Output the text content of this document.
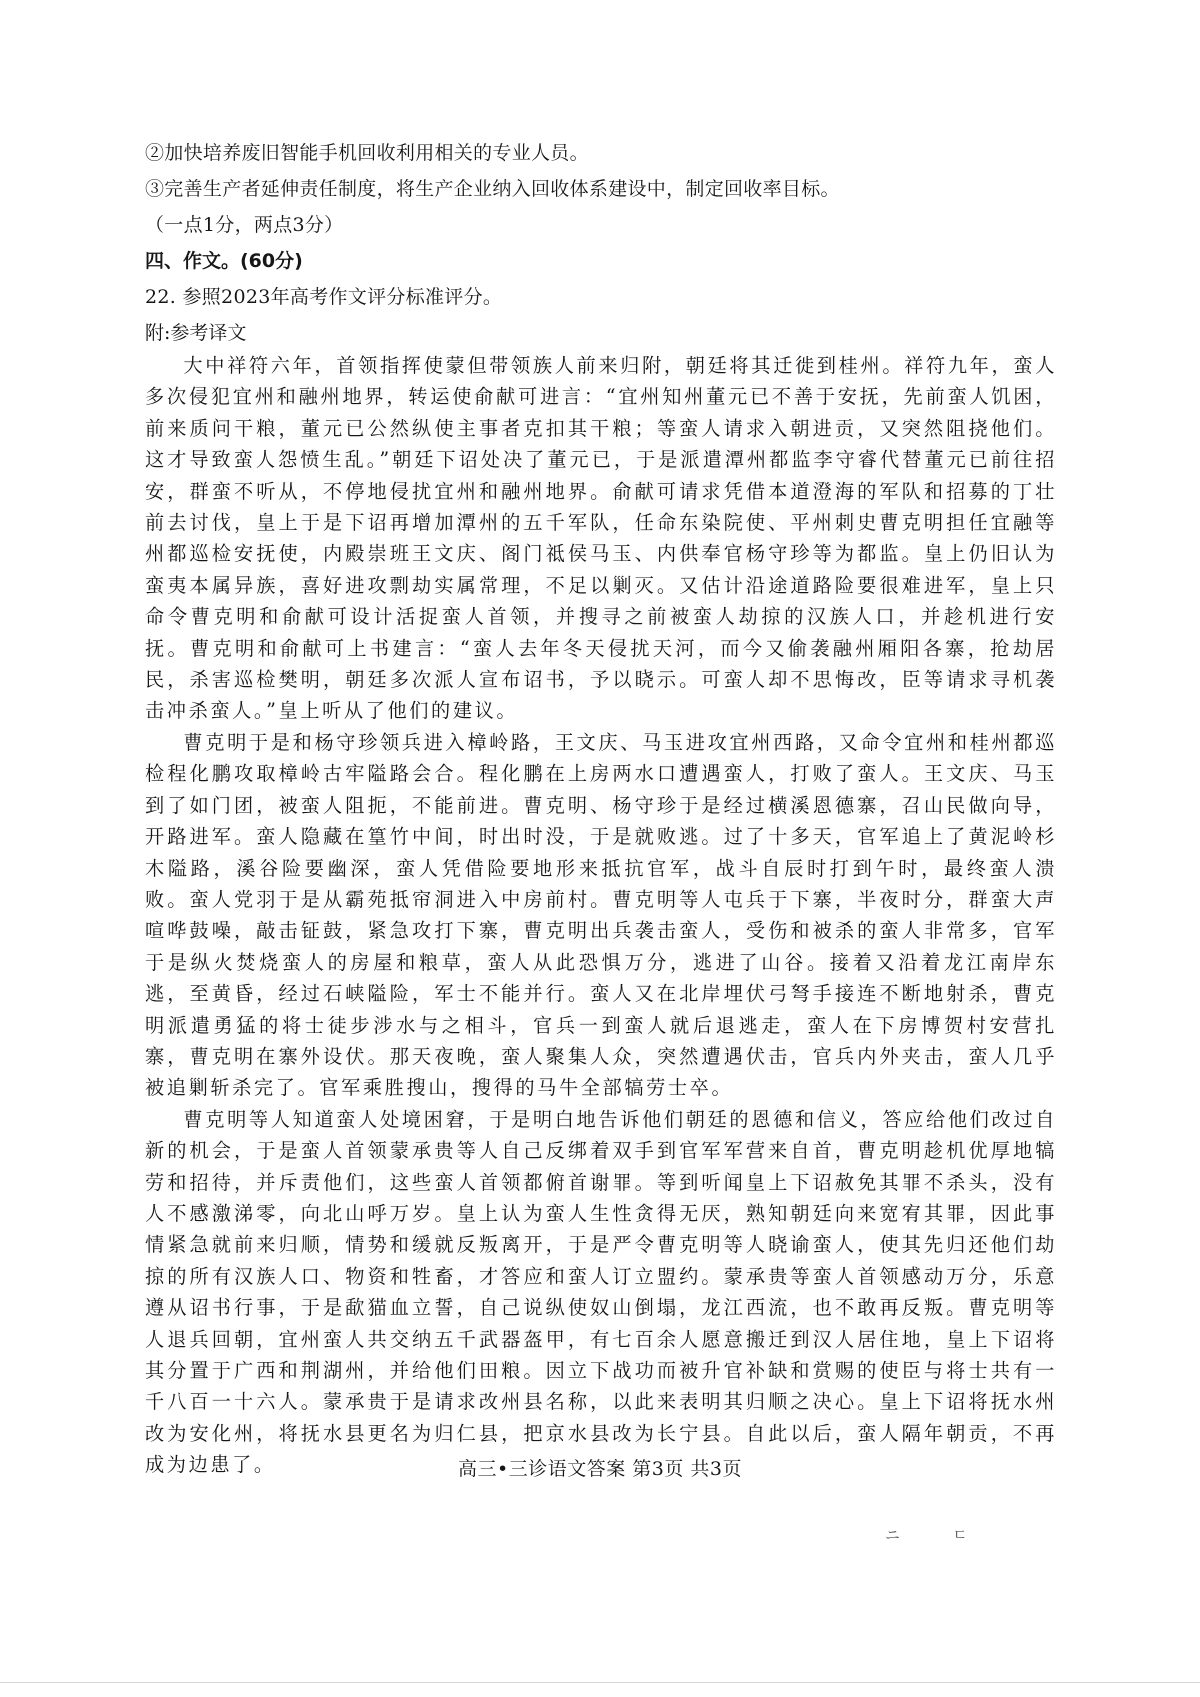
②加快培养废旧智能手机回收利用相关的专业人员。

③完善生产者延伸责任制度，将生产企业纳入回收体系建设中，制定回收率目标。

（一点1分，两点3分）

四、作文。(60分)

22. 参照2023年高考作文评分标准评分。

附:参考译文

大中祥符六年，首领指挥使蒙但带领族人前来归附，朝廷将其迁徙到桂州。祥符九年，蛮人多次侵犯宜州和融州地界，转运使俞献可进言：“宜州知州董元已不善于安抚，先前蛮人饥困，前来质问干粮，董元已公然纵使主事者克扣其干粮；等蛮人请求入朝进贡，又突然阻挠他们。这才导致蛮人怨愤生乱。”朝廷下诏处决了董元已，于是派遣潭州都监李守睿代替董元已前往招安，群蛮不听从，不停地侵扰宜州和融州地界。俞献可请求凭借本道澄海的军队和招募的丁壮前去讨伐，皇上于是下诏再增加潭州的五千军队，任命东染院使、平州刺史曹克明担任宜融等州都巡检安抚使，内殿崇班王文庆、阁门祗侯马玉、内供奉官杨守珍等为都监。皇上仍旧认为蛮夷本属异族，喜好进攻剽劫实属常理，不足以剿灭。又估计沿途道路险要很难进军，皇上只命令曹克明和俞献可设计活捉蛮人首领，并搜寻之前被蛮人劫掠的汉族人口，并趁机进行安抚。曹克明和俞献可上书建言：“蛮人去年冬天侵扰天河，而今又偷袭融州厢阳各寨，抢劫居民，杀害巡检樊明，朝廷多次派人宣布诏书，予以晓示。可蛮人却不思悔改，臣等请求寻机袭击冲杀蛮人。”皇上听从了他们的建议。

曹克明于是和杨守珍领兵进入樟岭路，王文庆、马玉进攻宜州西路，又命令宜州和桂州都巡检程化鹏攻取樟岭古牢隘路会合。程化鹏在上房两水口遭遇蛮人，打败了蛮人。王文庆、马玉到了如门团，被蛮人阻扼，不能前进。曹克明、杨守珍于是经过横溪恩德寨，召山民做向导，开路进军。蛮人隐藏在篁竹中间，时出时没，于是就败逃。过了十多天，官军追上了黄泥岭杉木隘路，溪谷险要幽深，蛮人凭借险要地形来抵抗官军，战斗自辰时打到午时，最终蛮人溃败。蛮人党羽于是从霸苑抵帘洞进入中房前村。曹克明等人屯兵于下寨，半夜时分，群蛮大声喧哗鼓噪，敲击钲鼓，紧急攻打下寨，曹克明出兵袭击蛮人，受伤和被杀的蛮人非常多，官军于是纵火焚烧蛮人的房屋和粮草，蛮人从此恐惧万分，逃进了山谷。接着又沿着龙江南岸东逃，至黄昏，经过石峡隘险，军士不能并行。蛮人又在北岸埋伏弓弩手接连不断地射杀，曹克明派遣勇猛的将士徒步涉水与之相斗，官兵一到蛮人就后退逃走，蛮人在下房博贺村安营扎寨，曹克明在寨外设伏。那天夜晚，蛮人聚集人众，突然遭遇伏击，官兵内外夹击，蛮人几乎被追剿斩杀完了。官军乘胜搜山，搜得的马牛全部犒劳士卒。

曹克明等人知道蛮人处境困窘，于是明白地告诉他们朝廷的恩德和信义，答应给他们改过自新的机会，于是蛮人首领蒙承贵等人自己反绑着双手到官军军营来自首，曹克明趁机优厚地犒劳和招待，并斥责他们，这些蛮人首领都俯首谢罪。等到听闻皇上下诏赦免其罪不杀头，没有人不感激涕零，向北山呼万岁。皇上认为蛮人生性贪得无厌，熟知朝廷向来宽宥其罪，因此事情紧急就前来归顺，情势和缓就反叛离开，于是严令曹克明等人晓谕蛮人，使其先归还他们劫掠的所有汉族人口、物资和牲畜，才答应和蛮人订立盟约。蒙承贵等蛮人首领感动万分，乐意遵从诏书行事，于是歃猫血立誓，自己说纵使奴山倒塌，龙江西流，也不敢再反叛。曹克明等人退兵回朝，宜州蛮人共交纳五千武器盔甲，有七百余人愿意搬迁到汉人居住地，皇上下诏将其分置于广西和荆湖州，并给他们田粮。因立下战功而被升官补缺和赏赐的使臣与将士共有一千八百一十六人。蒙承贵于是请求改州县名称，以此来表明其归顺之决心。皇上下诏将抚水州改为安化州，将抚水县更名为归仁县，把京水县改为长宁县。自此以后，蛮人隔年朝贡，不再成为边患了。	高三•三诊语文答案 第3页 共3页
ニ	ㄷ
